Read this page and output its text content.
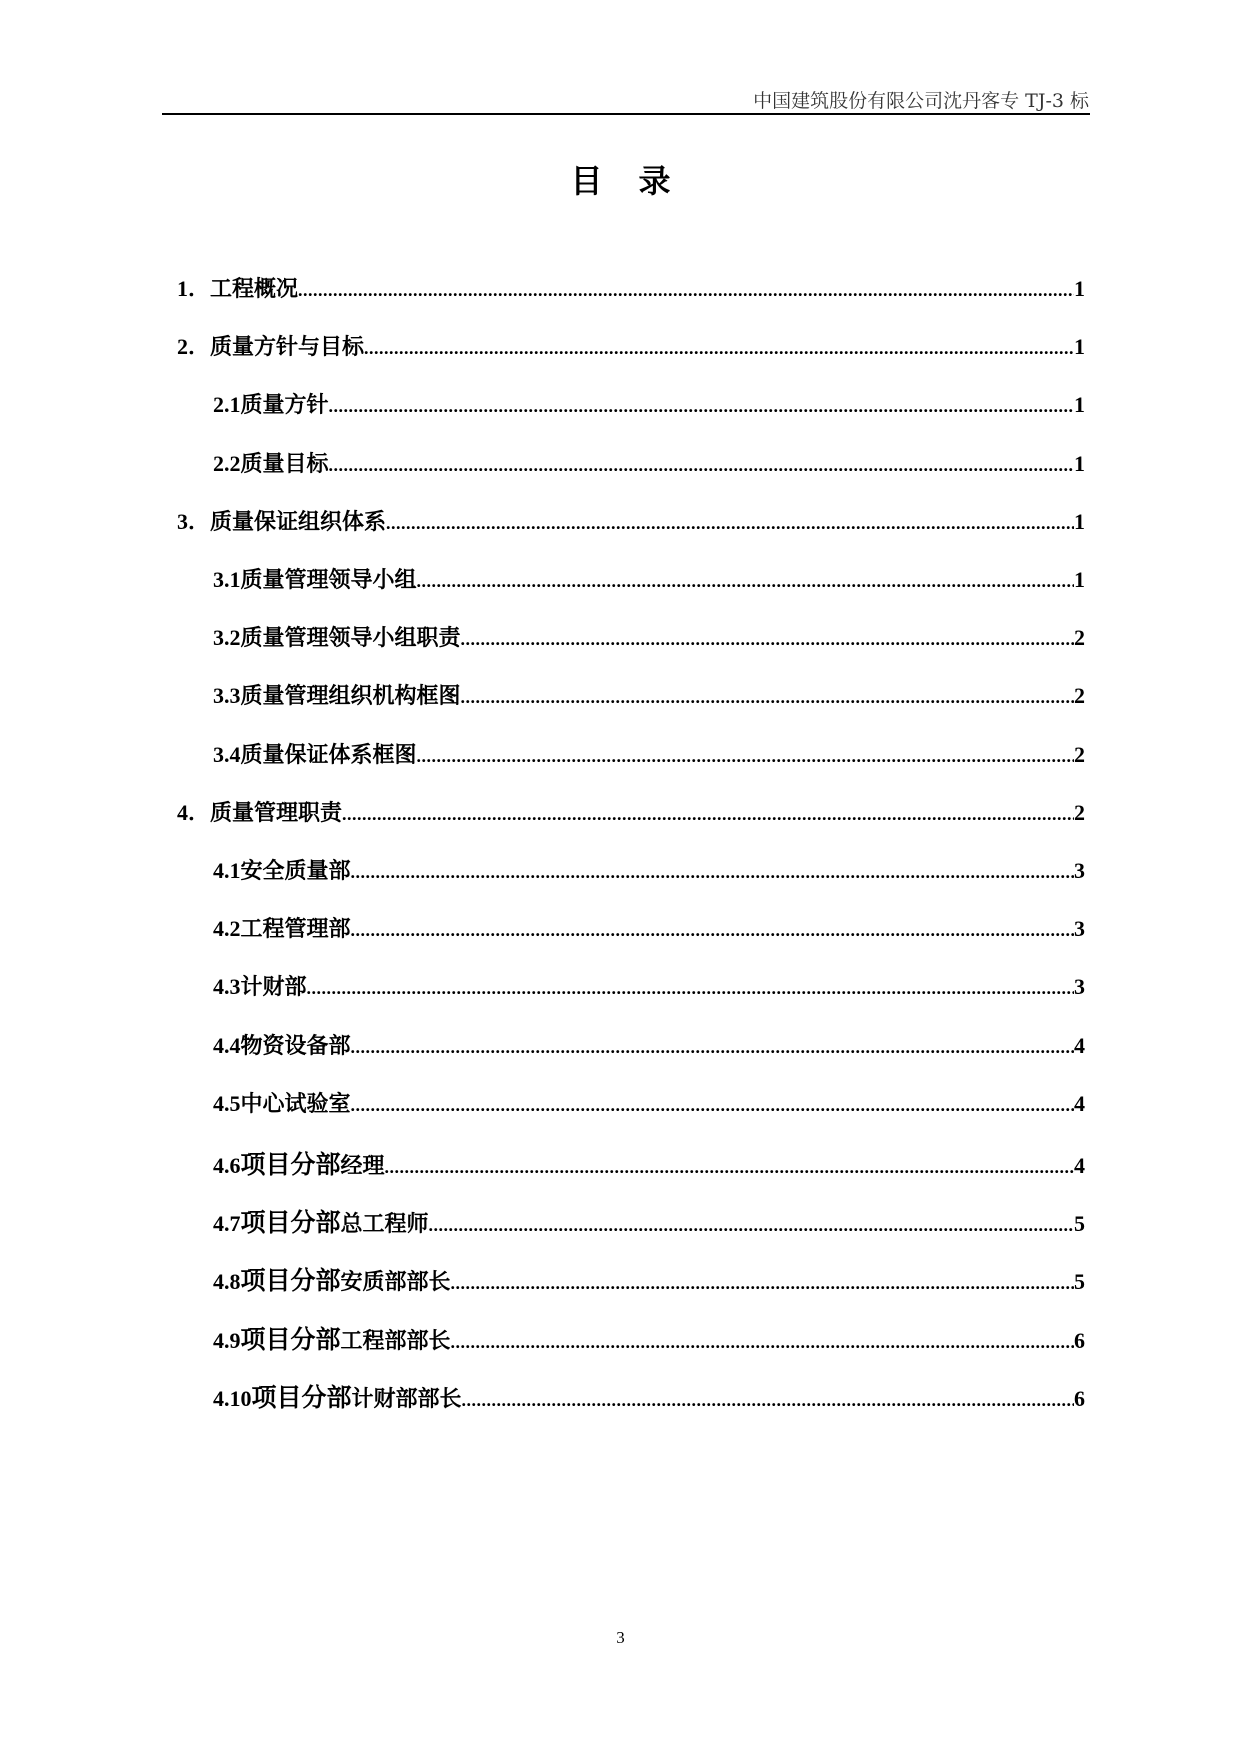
中国建筑股份有限公司沈丹客专 TJ-3 标
目录
1． 工程概况 .....	1
2． 质量方针与目标 .....	1
2.1 质量方针 .....	1
2.2 质量目标 .....	1
3． 质量保证组织体系 .....	1
3.1 质量管理领导小组 .....	1
3.2 质量管理领导小组职责 .....	2
3.3 质量管理组织机构框图 .....	2
3.4 质量保证体系框图 .....	2
4． 质量管理职责 .....	2
4.1 安全质量部 .....	3
4.2 工程管理部 .....	3
4.3 计财部 .....	3
4.4 物资设备部 .....	4
4.5 中心试验室 .....	4
4.6 项目分部 经理 .....	4
4.7 项目分部 总工程师 .....	5
4.8 项目分部 安质部部长 .....	5
4.9 项目分部 工程部部长 .....	6
4.10 项目分部 计财部部长 .....	6
3
